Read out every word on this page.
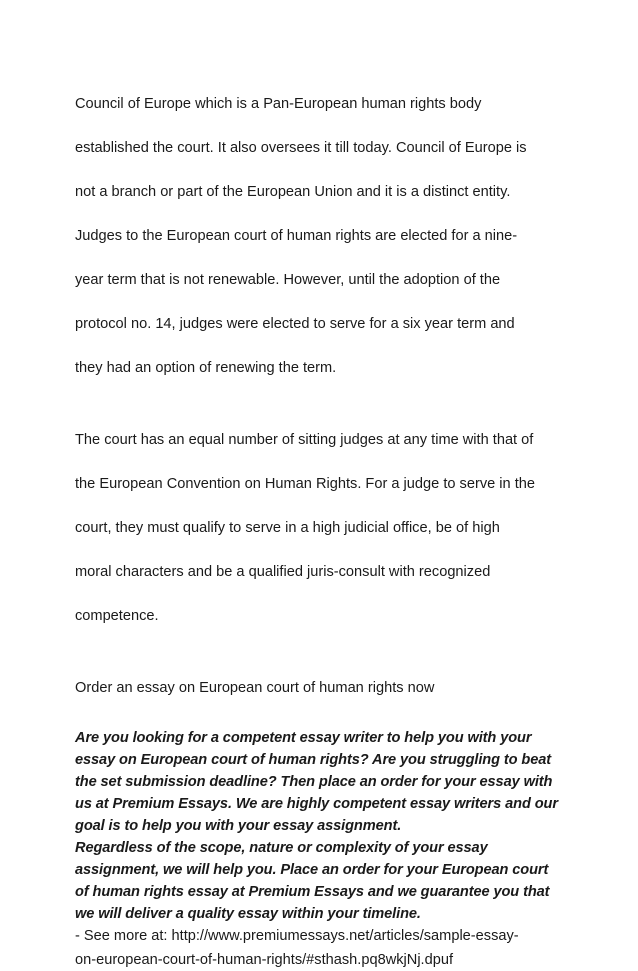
Council of Europe which is a Pan-European human rights body

established the court. It also oversees it till today. Council of Europe is

not a branch or part of the European Union and it is a distinct entity.

Judges to the European court of human rights are elected for a nine-

year term that is not renewable. However, until the adoption of the

protocol no. 14, judges were elected to serve for a six year term and

they had an option of renewing the term.

The court has an equal number of sitting judges at any time with that of

the European Convention on Human Rights. For a judge to serve in the

court, they must qualify to serve in a high judicial office, be of high

moral characters and be a qualified juris-consult with recognized

competence.

Order an essay on European court of human rights now

Are you looking for a competent essay writer to help you with your
essay on European court of human rights? Are you struggling to beat
the set submission deadline? Then place an order for your essay with
us at Premium Essays. We are highly competent essay writers and our
goal is to help you with your essay assignment.
Regardless of the scope, nature or complexity of your essay
assignment, we will help you. Place an order for your European court
of human rights essay at Premium Essays and we guarantee you that
we will deliver a quality essay within your timeline.
- See more at: http://www.premiumessays.net/articles/sample-essay-
on-european-court-of-human-rights/#sthash.pq8wkjNj.dpuf
